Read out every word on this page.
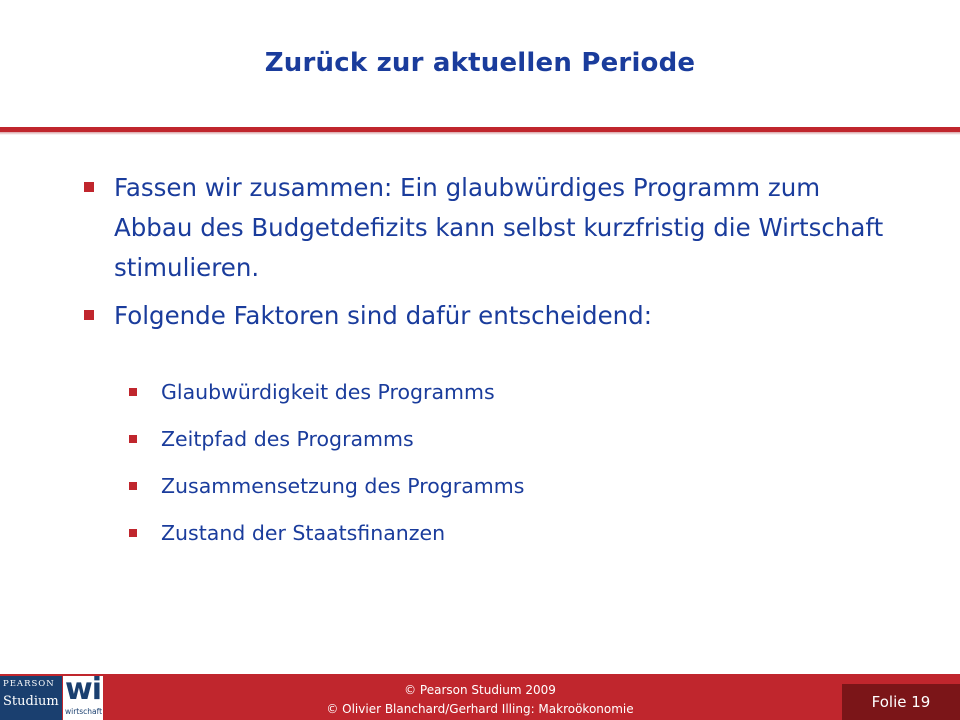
Zurück zur aktuellen Periode
Fassen wir zusammen: Ein glaubwürdiges Programm zum Abbau des Budgetdefizits kann selbst kurzfristig die Wirtschaft stimulieren.
Folgende Faktoren sind dafür entscheidend:
Glaubwürdigkeit des Programms
Zeitpfad des Programms
Zusammensetzung des Programms
Zustand der Staatsfinanzen
PEARSON
Studium wi
wirtschaft
© Pearson Studium 2009
© Olivier Blanchard/Gerhard Illing: Makroökonomie	Folie 19
